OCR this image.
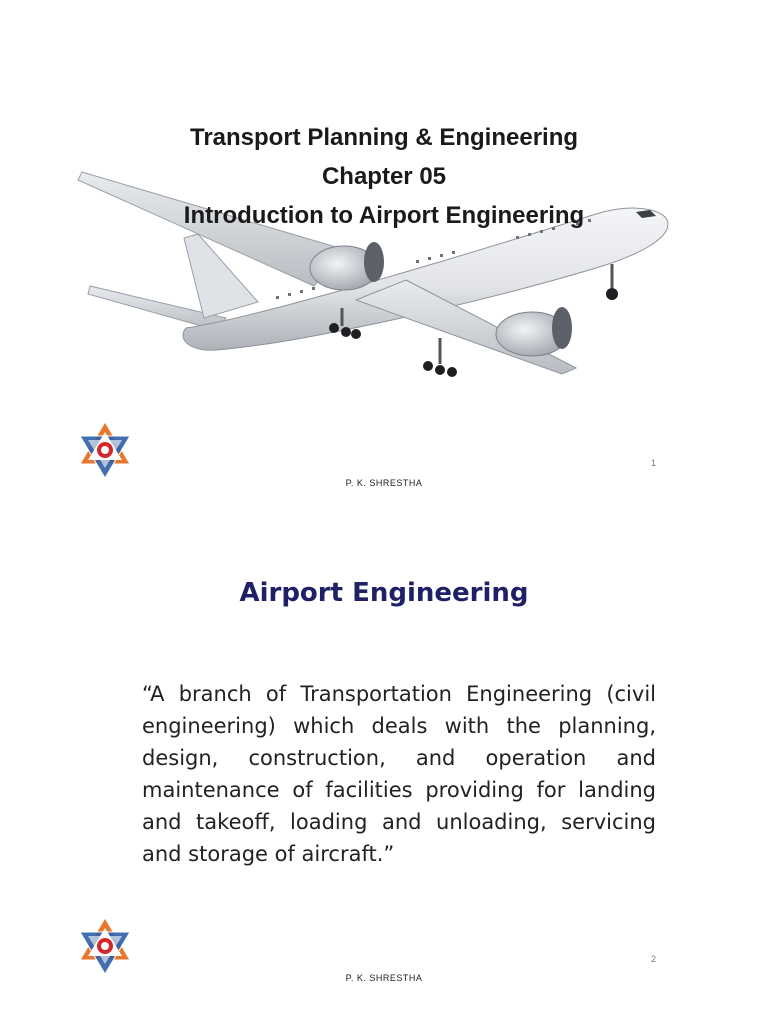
Transport Planning & Engineering
Chapter 05
Introduction to Airport Engineering
1
P. K. SHRESTHA
Airport Engineering
“A branch of Transportation Engineering (civil engineering) which deals with the planning, design, construction, and operation and maintenance of facilities providing for landing and takeoff, loading and unloading, servicing and storage of aircraft.”
2
P. K. SHRESTHA
